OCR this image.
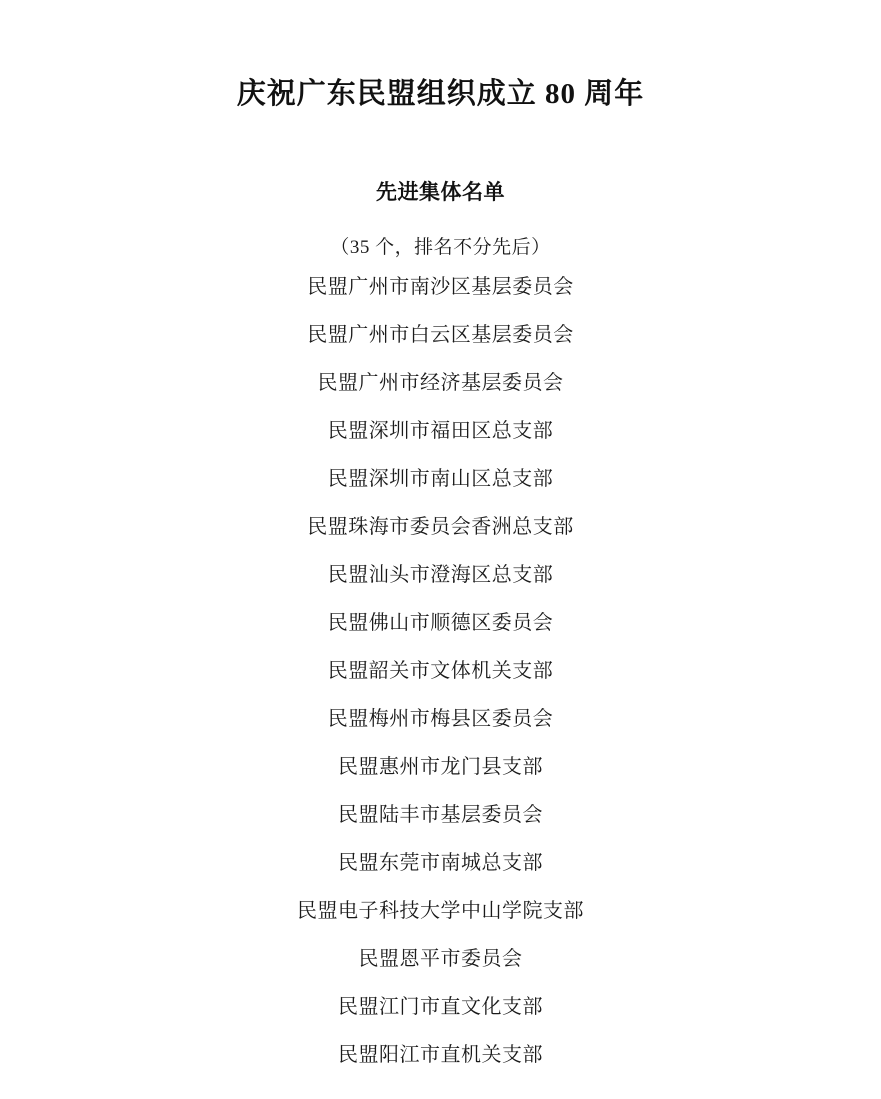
庆祝广东民盟组织成立 80 周年
先进集体名单

（35 个，排名不分先后）

民盟广州市南沙区基层委员会
民盟广州市白云区基层委员会
民盟广州市经济基层委员会
民盟深圳市福田区总支部
民盟深圳市南山区总支部
民盟珠海市委员会香洲总支部
民盟汕头市澄海区总支部
民盟佛山市顺德区委员会
民盟韶关市文体机关支部
民盟梅州市梅县区委员会
民盟惠州市龙门县支部
民盟陆丰市基层委员会
民盟东莞市南城总支部
民盟电子科技大学中山学院支部
民盟恩平市委员会
民盟江门市直文化支部
民盟阳江市直机关支部
